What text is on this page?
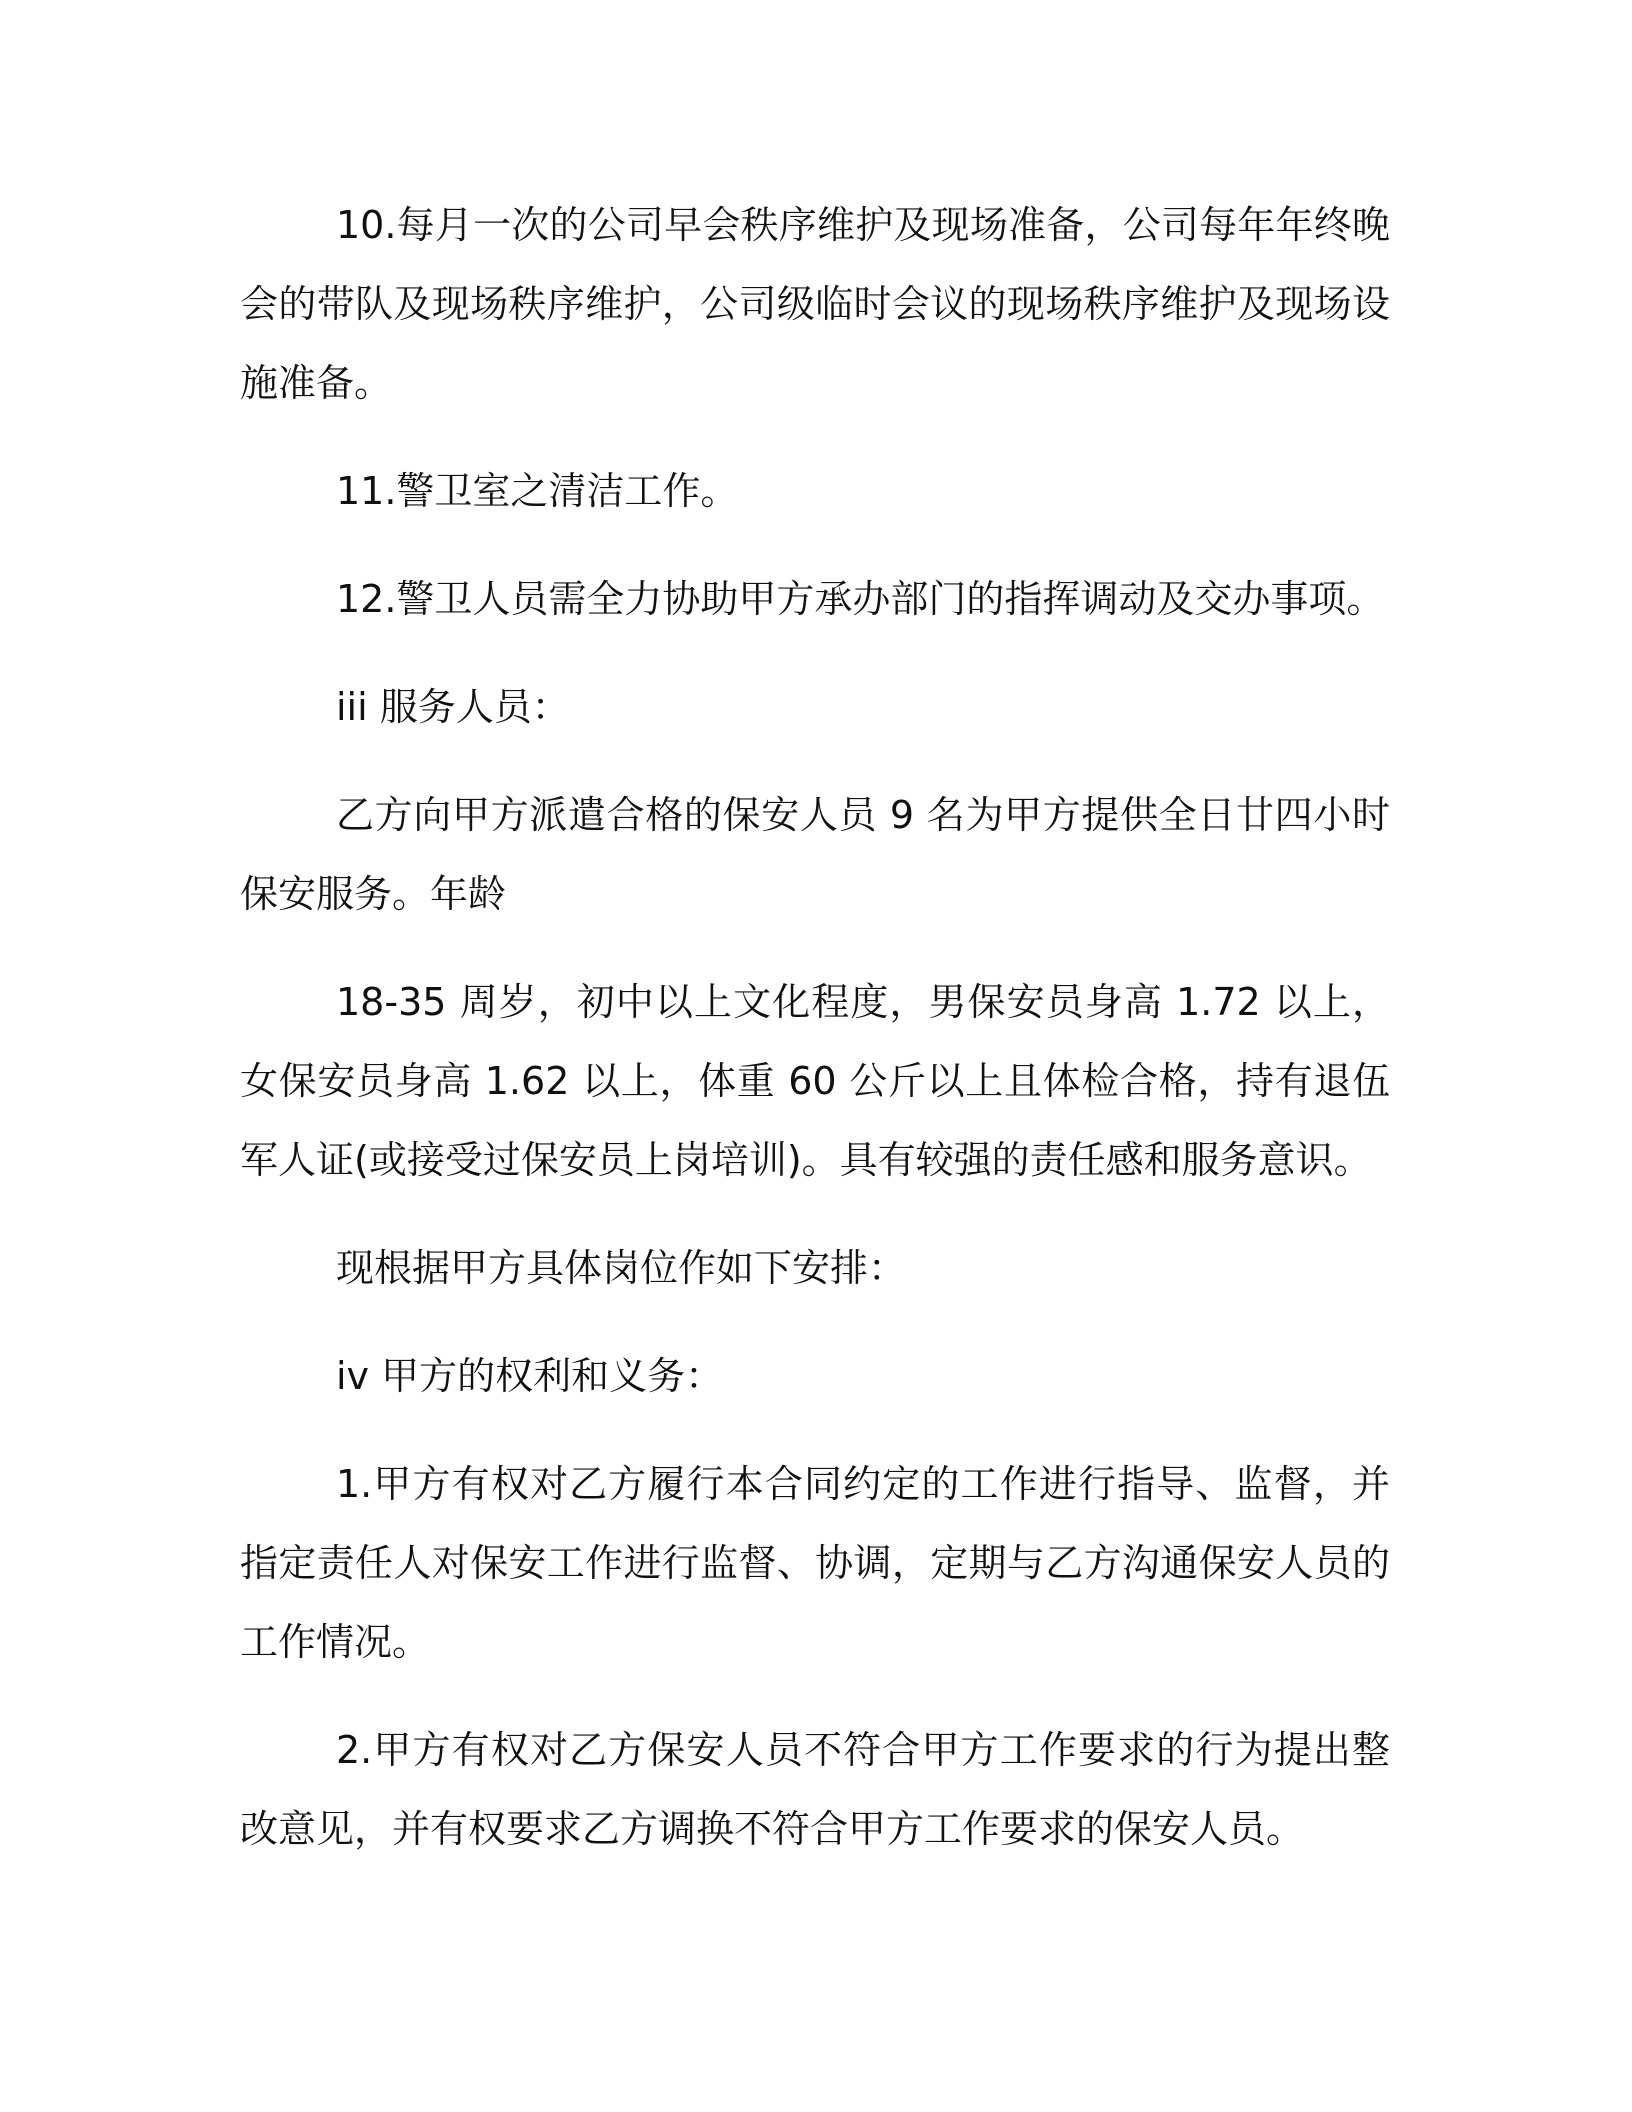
10.每月一次的公司早会秩序维护及现场准备，公司每年年终晚会的带队及现场秩序维护，公司级临时会议的现场秩序维护及现场设施准备。

11.警卫室之清洁工作。

12.警卫人员需全力协助甲方承办部门的指挥调动及交办事项。

iii 服务人员：

乙方向甲方派遣合格的保安人员 9 名为甲方提供全日廿四小时保安服务。年龄

18-35 周岁，初中以上文化程度，男保安员身高 1.72 以上，女保安员身高 1.62 以上，体重 60 公斤以上且体检合格，持有退伍军人证(或接受过保安员上岗培训)。具有较强的责任感和服务意识。

现根据甲方具体岗位作如下安排：

iv 甲方的权利和义务：

1.甲方有权对乙方履行本合同约定的工作进行指导、监督，并指定责任人对保安工作进行监督、协调，定期与乙方沟通保安人员的工作情况。

2.甲方有权对乙方保安人员不符合甲方工作要求的行为提出整改意见，并有权要求乙方调换不符合甲方工作要求的保安人员。
